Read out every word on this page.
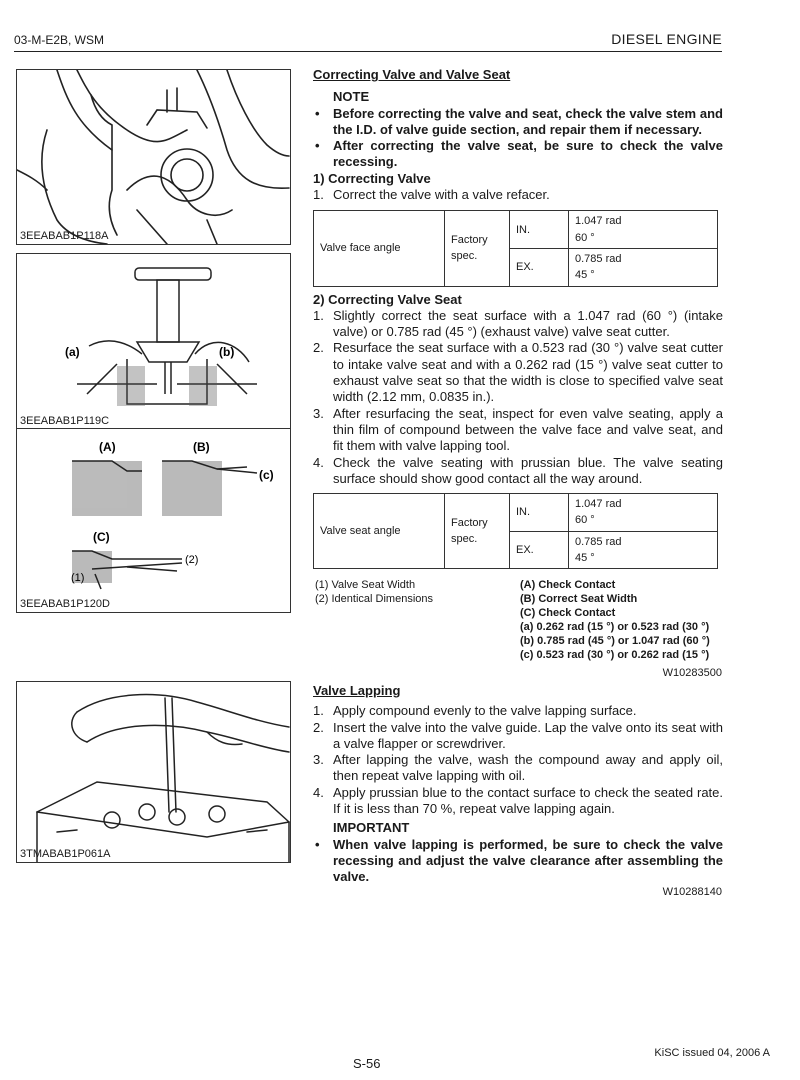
03-M-E2B, WSM	DIESEL ENGINE
3EEABAB1P118A
(a)	(b)
3EEABAB1P119C
(A)	(B)
(c)
(C)
(2)
(1)
3EEABAB1P120D
3TMABAB1P061A
Correcting Valve and Valve Seat
NOTE
• Before correcting the valve and seat, check the valve stem and the I.D. of valve guide section, and repair them if necessary.
• After correcting the valve seat, be sure to check the valve recessing.
1) Correcting Valve
1. Correct the valve with a valve refacer.
Valve face angle	Factory spec.	IN.	1.047 rad
60 °

		EX.	0.785 rad
45 °
2) Correcting Valve Seat
1. Slightly correct the seat surface with a 1.047 rad (60 °) (intake valve) or 0.785 rad (45 °) (exhaust valve) valve seat cutter.
2. Resurface the seat surface with a 0.523 rad (30 °) valve seat cutter to intake valve seat and with a 0.262 rad (15 °) valve seat cutter to exhaust valve seat so that the width is close to specified valve seat width (2.12 mm, 0.0835 in.).
3. After resurfacing the seat, inspect for even valve seating, apply a thin film of compound between the valve face and valve seat, and fit them with valve lapping tool.
4. Check the valve seating with prussian blue. The valve seating surface should show good contact all the way around.
Valve seat angle	Factory spec.	IN.	1.047 rad
60 °

		EX.	0.785 rad
45 °
(1) Valve Seat Width
(2) Identical Dimensions
(A) Check Contact
(B) Correct Seat Width
(C) Check Contact
(a) 0.262 rad (15 °) or 0.523 rad (30 °)
(b) 0.785 rad (45 °) or 1.047 rad (60 °)
(c) 0.523 rad (30 °) or 0.262 rad (15 °)
W10283500
Valve Lapping
1. Apply compound evenly to the valve lapping surface.
2. Insert the valve into the valve guide. Lap the valve onto its seat with a valve flapper or screwdriver.
3. After lapping the valve, wash the compound away and apply oil, then repeat valve lapping with oil.
4. Apply prussian blue to the contact surface to check the seated rate. If it is less than 70 %, repeat valve lapping again.
IMPORTANT
• When valve lapping is performed, be sure to check the valve recessing and adjust the valve clearance after assembling the valve.
W10288140
S-56
KiSC issued 04, 2006 A
